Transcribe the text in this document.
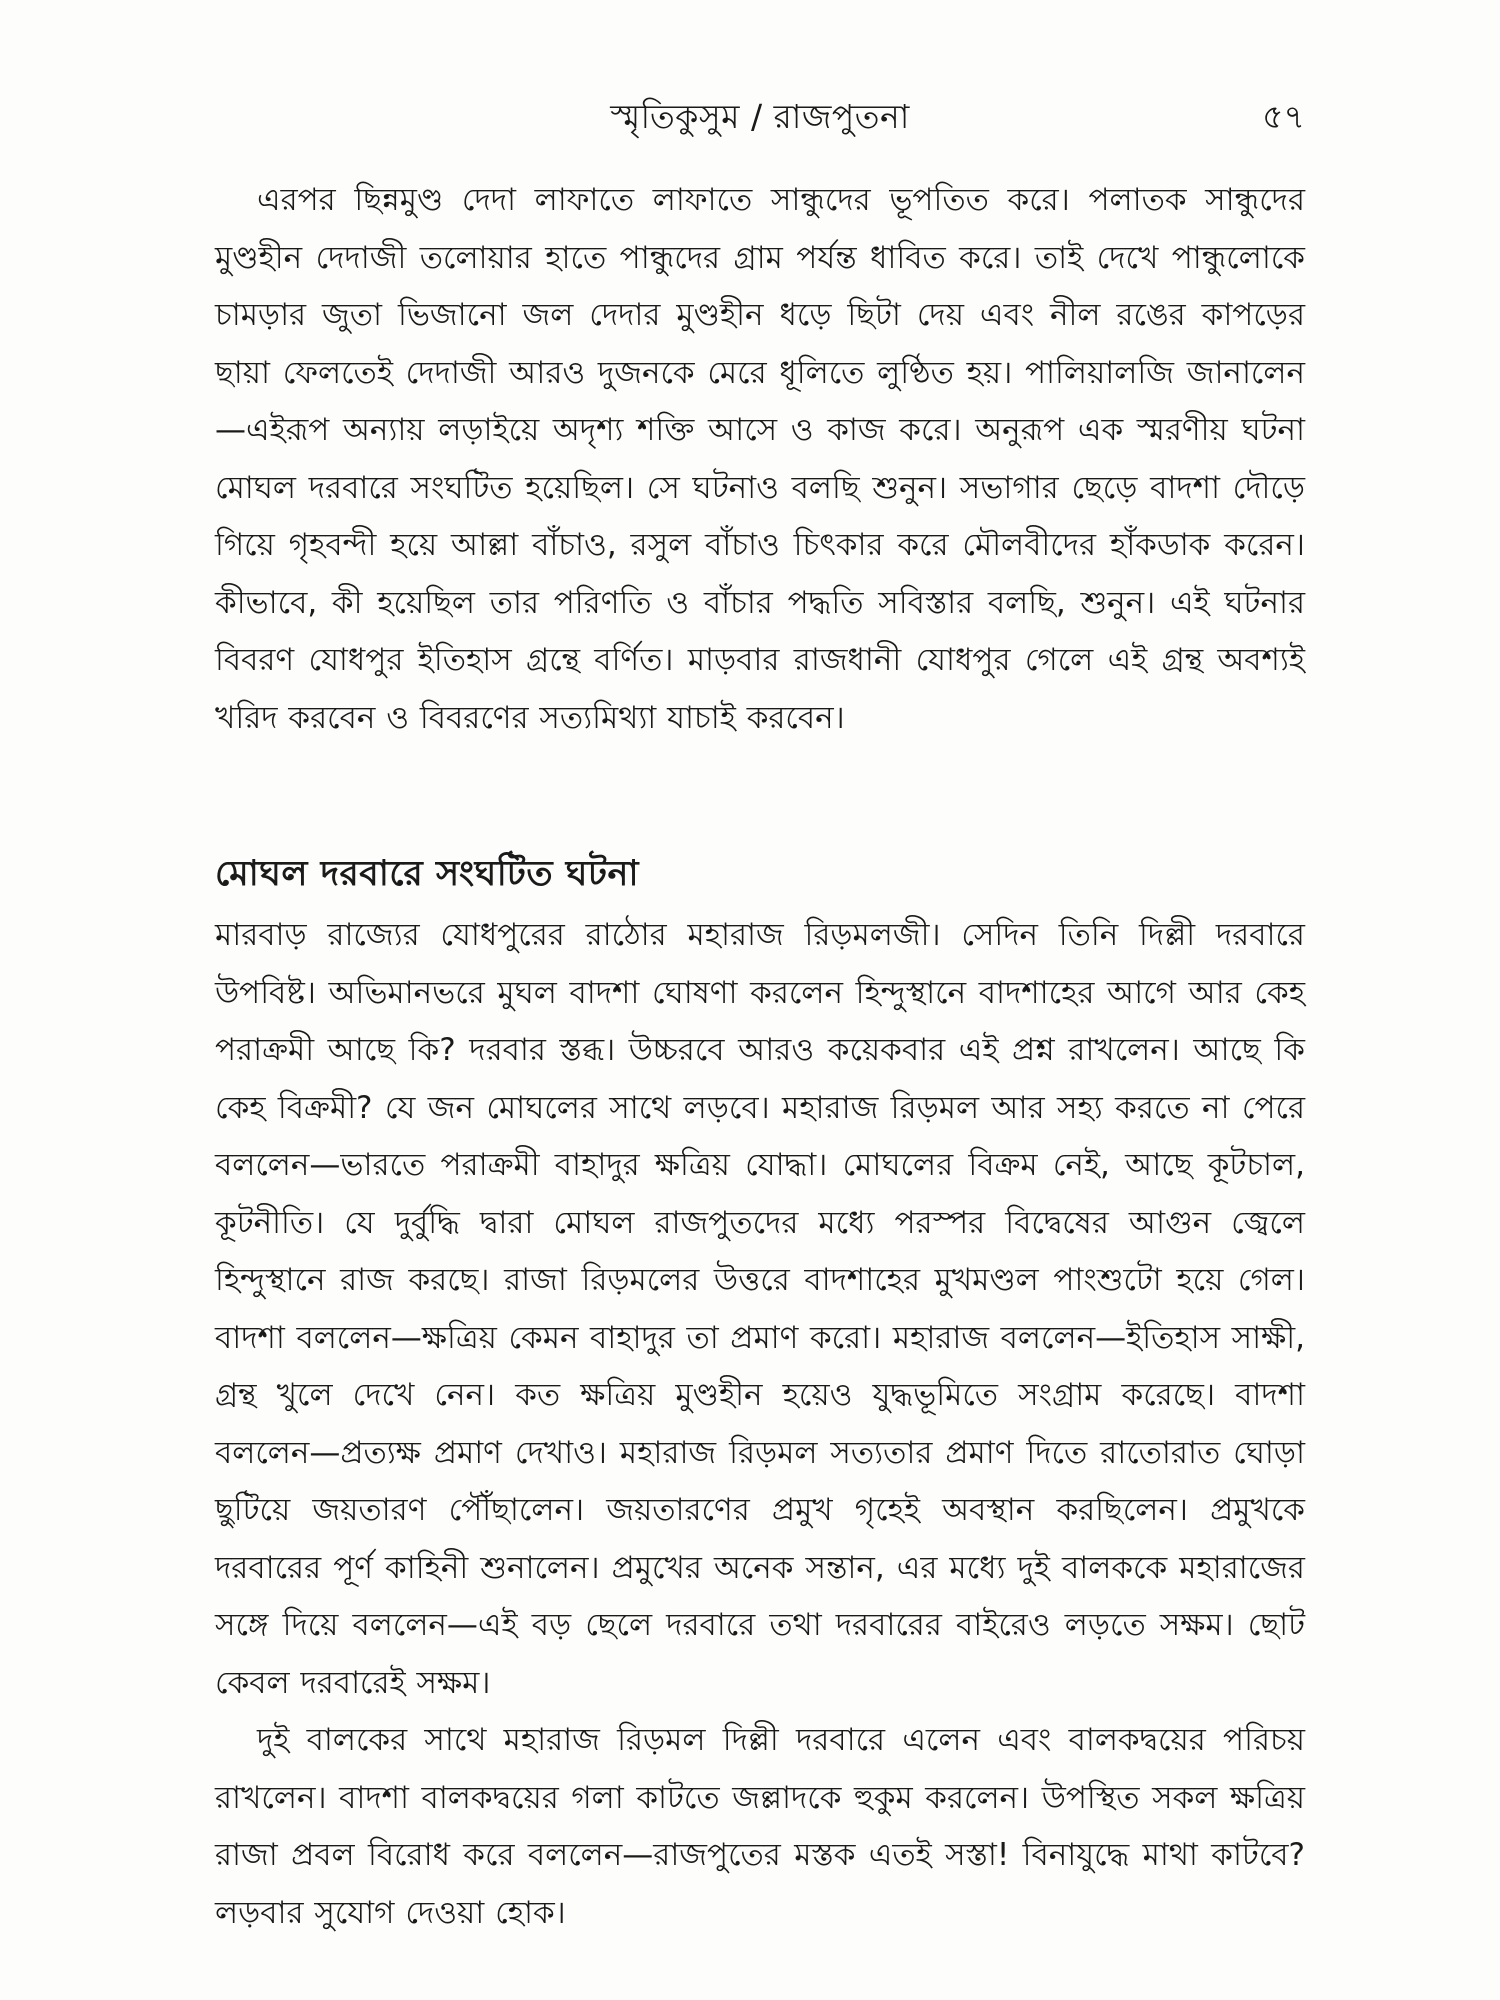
স্মৃতিকুসুম / রাজপুতনা	৫৭

এরপর ছিন্নমুণ্ড দেদা লাফাতে লাফাতে সান্ধুদের ভূপতিত করে। পলাতক সান্ধুদের মুণ্ডহীন দেদাজী তলোয়ার হাতে পান্ধুদের গ্রাম পর্যন্ত ধাবিত করে। তাই দেখে পান্ধুলোকে চামড়ার জুতা ভিজানো জল দেদার মুণ্ডহীন ধড়ে ছিটা দেয় এবং নীল রঙের কাপড়ের ছায়া ফেলতেই দেদাজী আরও দুজনকে মেরে ধূলিতে লুণ্ঠিত হয়। পালিয়ালজি জানালেন—এইরূপ অন্যায় লড়াইয়ে অদৃশ্য শক্তি আসে ও কাজ করে। অনুরূপ এক স্মরণীয় ঘটনা মোঘল দরবারে সংঘটিত হয়েছিল। সে ঘটনাও বলছি শুনুন। সভাগার ছেড়ে বাদশা দৌড়ে গিয়ে গৃহবন্দী হয়ে আল্লা বাঁচাও, রসুল বাঁচাও চিৎকার করে মৌলবীদের হাঁকডাক করেন। কীভাবে, কী হয়েছিল তার পরিণতি ও বাঁচার পদ্ধতি সবিস্তার বলছি, শুনুন। এই ঘটনার বিবরণ যোধপুর ইতিহাস গ্রন্থে বর্ণিত। মাড়বার রাজধানী যোধপুর গেলে এই গ্রন্থ অবশ্যই খরিদ করবেন ও বিবরণের সত্যমিথ্যা যাচাই করবেন।

মোঘল দরবারে সংঘটিত ঘটনা

মারবাড় রাজ্যের যোধপুরের রাঠোর মহারাজ রিড়মলজী। সেদিন তিনি দিল্লী দরবারে উপবিষ্ট। অভিমানভরে মুঘল বাদশা ঘোষণা করলেন হিন্দুস্থানে বাদশাহের আগে আর কেহ পরাক্রমী আছে কি? দরবার স্তব্ধ। উচ্চরবে আরও কয়েকবার এই প্রশ্ন রাখলেন। আছে কি কেহ বিক্রমী? যে জন মোঘলের সাথে লড়বে। মহারাজ রিড়মল আর সহ্য করতে না পেরে বললেন—ভারতে পরাক্রমী বাহাদুর ক্ষত্রিয় যোদ্ধা। মোঘলের বিক্রম নেই, আছে কূটচাল, কূটনীতি। যে দুর্বুদ্ধি দ্বারা মোঘল রাজপুতদের মধ্যে পরস্পর বিদ্বেষের আগুন জ্বেলে হিন্দুস্থানে রাজ করছে। রাজা রিড়মলের উত্তরে বাদশাহের মুখমণ্ডল পাংশুটো হয়ে গেল। বাদশা বললেন—ক্ষত্রিয় কেমন বাহাদুর তা প্রমাণ করো। মহারাজ বললেন—ইতিহাস সাক্ষী, গ্রন্থ খুলে দেখে নেন। কত ক্ষত্রিয় মুণ্ডহীন হয়েও যুদ্ধভূমিতে সংগ্রাম করেছে। বাদশা বললেন—প্রত্যক্ষ প্রমাণ দেখাও। মহারাজ রিড়মল সত্যতার প্রমাণ দিতে রাতোরাত ঘোড়া ছুটিয়ে জয়তারণ পৌঁছালেন। জয়তারণের প্রমুখ গৃহেই অবস্থান করছিলেন। প্রমুখকে দরবারের পূর্ণ কাহিনী শুনালেন। প্রমুখের অনেক সন্তান, এর মধ্যে দুই বালককে মহারাজের সঙ্গে দিয়ে বললেন—এই বড় ছেলে দরবারে তথা দরবারের বাইরেও লড়তে সক্ষম। ছোট কেবল দরবারেই সক্ষম।

দুই বালকের সাথে মহারাজ রিড়মল দিল্লী দরবারে এলেন এবং বালকদ্বয়ের পরিচয় রাখলেন। বাদশা বালকদ্বয়ের গলা কাটতে জল্লাদকে হুকুম করলেন। উপস্থিত সকল ক্ষত্রিয় রাজা প্রবল বিরোধ করে বললেন—রাজপুতের মস্তক এতই সস্তা! বিনাযুদ্ধে মাথা কাটবে? লড়বার সুযোগ দেওয়া হোক।
